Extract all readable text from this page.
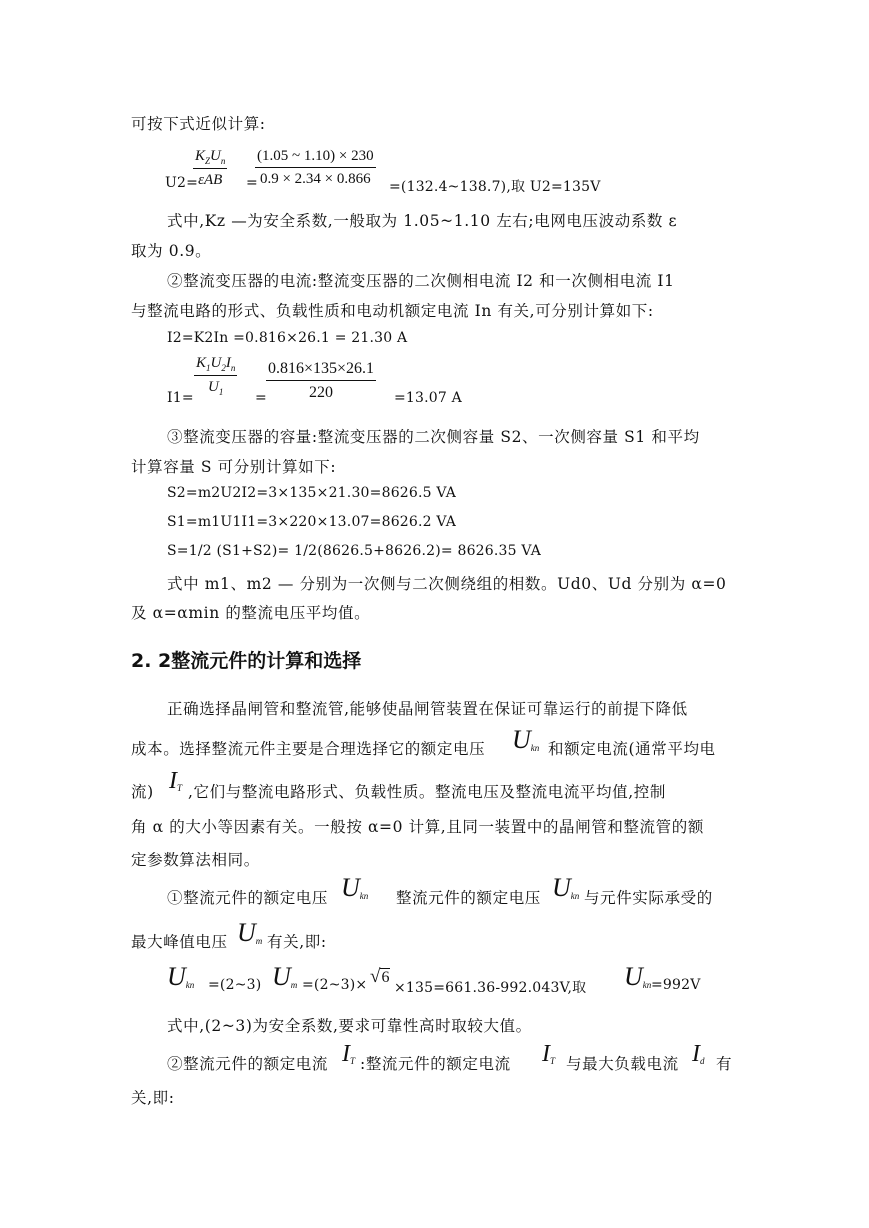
可按下式近似计算:
$K_ZU_n$
εAB
U2=	=
$\frac{(1.05 \sim 1.10) \times 230}{0.9 \times 2.34 \times 0.866}$ =(132.4~138.7),取 U2=135V
式中,Kz —为安全系数,一般取为 1.05~1.10 左右;电网电压波动系数 ε
取为 0.9。
②整流变压器的电流:整流变压器的二次侧相电流 I2 和一次侧相电流 I1
与整流电路的形式、负载性质和电动机额定电流 In 有关,可分别计算如下:
I2=K2In =0.816×26.1 = 21.30 A
$\frac{K_1U_2I_n}{U_1}$
I1=	= $\frac{0.816\times 135\times 26.1}{220} =13.07$ A
③整流变压器的容量:整流变压器的二次侧容量 S2、一次侧容量 S1 和平均
计算容量 S 可分别计算如下:
S2=m2U2I2=3×135×21.30=8626.5 VA
S1=m1U1I1=3×220×13.07=8626.2 VA
S=1/2 (S1+S2)= 1/2(8626.5+8626.2)= 8626.35 VA
式中 m1、m2 — 分别为一次侧与二次侧绕组的相数。Ud0、Ud 分别为 α=0
及 α=αmin 的整流电压平均值。
2. 2整流元件的计算和选择
正确选择晶闸管和整流管,能够使晶闸管装置在保证可靠运行的前提下降低
成本。选择整流元件主要是合理选择它的额定电压 $U_{kn}$ 和额定电流(通常平均电
流) $I_T$ ,它们与整流电路形式、负载性质。整流电压及整流电流平均值,控制
角 α 的大小等因素有关。一般按 α=0 计算,且同一装置中的晶闸管和整流管的额
定参数算法相同。
①整流元件的额定电压 $U_{kn}$ 整流元件的额定电压 $U_{kn}$ 与元件实际承受的
最大峰值电压 $U_m$ 有关,即:
$U_{kn}$ =(2~3) $U_m$ =(2~3)× √6
×135=661.36-992.043V,取 $U_{kn} =992V$
式中,(2~3)为安全系数,要求可靠性高时取较大值。
②整流元件的额定电流 $I_T$ :整流元件的额定电流 $I_T$ 与最大负载电流 $I_d$ 有
关,即:
